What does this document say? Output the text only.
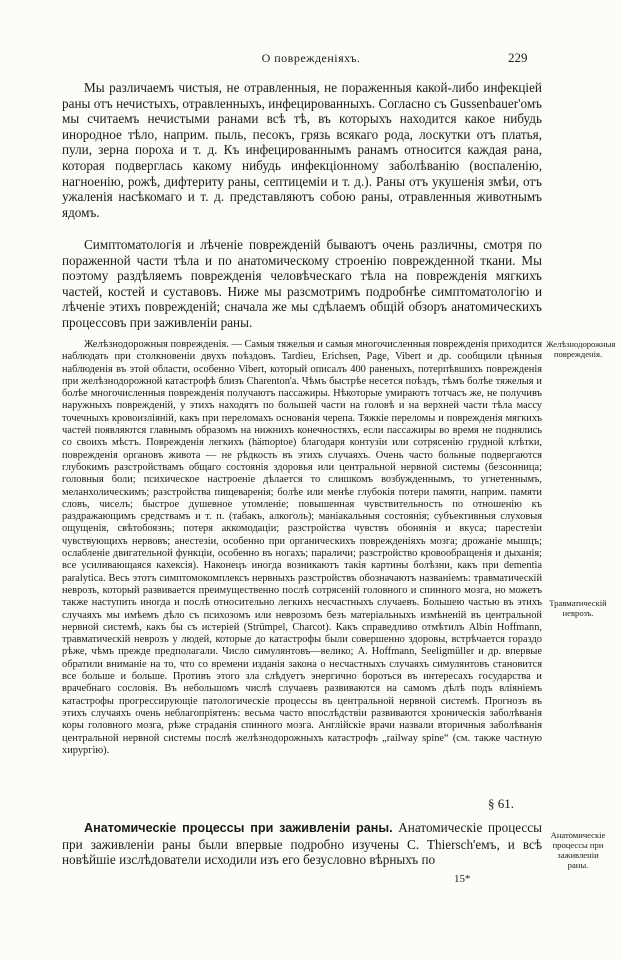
О поврежденіяхъ.	229

Мы различаемъ чистыя, не отравленныя, не пораженныя какой-либо инфекціей раны отъ нечистыхъ, отравленныхъ, инфецированныхъ. Согласно съ Gussenbauer'омъ мы считаемъ нечистыми ранами всѣ тѣ, въ которыхъ находится какое нибудь инородное тѣло, наприм. пыль, песокъ, грязь всякаго рода, лоскутки отъ платья, пули, зерна пороха и т. д. Къ инфецированнымъ ранамъ относится каждая рана, которая подверглась какому нибудь инфекціонному заболѣванію (воспаленію, нагноенію, рожѣ, дифтериту раны, септицеміи и т. д.). Раны отъ укушенія змѣи, отъ ужаленія насѣкомаго и т. д. представляютъ собою раны, отравленныя животнымъ ядомъ.

Симптоматологія и лѣченіе поврежденій бываютъ очень различны, смотря по пораженной части тѣла и по анатомическому строенію поврежденной ткани. Мы поэтому раздѣляемъ поврежденія человѣческаго тѣла на поврежденія мягкихъ частей, костей и суставовъ. Ниже мы разсмотримъ подробнѣе симптоматологію и лѣченіе этихъ поврежденій; сначала же мы сдѣлаемъ общій обзоръ анатомическихъ процессовъ при заживленіи раны.

Желѣзнодорожныя поврежденія. — Самыя тяжелыя и самыя многочисленныя поврежденія приходится наблюдать при столкновеніи двухъ поѣздовъ. Tardieu, Erichsen, Page, Vibert и др. сообщили цѣнныя наблюденія въ этой области, особенно Vibert, который описалъ 400 раненыхъ, потерпѣвшихъ поврежденія при желѣзнодорожной катастрофѣ близъ Charenton'а. Чѣмъ быстрѣе несется поѣздъ, тѣмъ болѣе тяжелыя и болѣе многочисленныя поврежденія получаютъ пассажиры. Нѣкоторые умираютъ тотчасъ же, не получивъ наружныхъ поврежденій, у этихъ находятъ по большей части на головѣ и на верхней части тѣла массу точечныхъ кровоизліяній, какъ при переломахъ основанія черепа. Тяжкіе переломы и поврежденія мягкихъ частей появляются главнымъ образомъ на нижнихъ конечностяхъ, если пассажиры во время не поднялись со своихъ мѣстъ. Поврежденія легкихъ (hämoptoe) благодаря контузіи или сотрясенію грудной клѣтки, поврежденія органовъ живота — не рѣдкость въ этихъ случаяхъ. Очень часто больные подвергаются глубокимъ разстройствамъ общаго состоянія здоровья или центральной нервной системы (безсонница; головныя боли; психическое настроеніе дѣлается то слишкомъ возбужденнымъ, то угнетеннымъ, меланхолическимъ; разстройства пищеваренія; болѣе или менѣе глубокія потери памяти, наприм. памяти словъ, чиселъ; быстрое душевное утомленіе; повышенная чувствительность по отношенію къ раздражающимъ средствамъ и т. п. (табакъ, алкоголь); маніакальныя состоянія; субъективныя слуховыя ощущенія, свѣтобоязнь; потеря аккомодаціи; разстройства чувствъ обонянія и вкуса; парестезіи чувствующихъ нервовъ; анестезіи, особенно при органическихъ поврежденіяхъ мозга; дрожаніе мышцъ; ослабленіе двигательной функціи, особенно въ ногахъ; параличи; разстройство кровообращенія и дыханія; все усиливающаяся кахексія). Наконецъ иногда возникаютъ такія картины болѣзни, какъ при dementia paralytica. Весь этотъ симптомокомплексъ нервныхъ разстройствъ обозначаютъ названіемъ: травматическій неврозъ, который развивается преимущественно послѣ сотрясеній головного и спинного мозга, но можетъ также наступить иногда и послѣ относительно легкихъ несчастныхъ случаевъ. Большею частью въ этихъ случаяхъ мы имѣемъ дѣло съ психозомъ или неврозомъ безъ матеріальныхъ измѣненій въ центральной нервной системѣ, какъ бы съ истеріей (Strümpel, Charcot). Какъ справедливо отмѣтилъ Albin Hoffmann, травматическій неврозъ у людей, которые до катастрофы были совершенно здоровы, встрѣчается гораздо рѣже, чѣмъ прежде предполагали. Число симулянтовъ—велико; A. Hoffmann, Seeligmüller и др. впервые обратили вниманіе на то, что со времени изданія закона о несчастныхъ случаяхъ симулянтовъ становится все больше и больше. Противъ этого зла слѣдуетъ энергично бороться въ интересахъ государства и врачебнаго сословія. Въ небольшомъ числѣ случаевъ развиваются на самомъ дѣлѣ подъ вліяніемъ катастрофы прогрессирующіе патологическіе процессы въ центральной нервной системѣ. Прогнозъ въ этихъ случаяхъ очень неблагопріятенъ: весьма часто впослѣдствіи развиваются хроническія заболѣванія коры головного мозга, рѣже страданія спинного мозга. Англійскіе врачи назвали вторичныя заболѣванія центральной нервной системы послѣ желѣзнодорожныхъ катастрофъ „railway spine“ (см. также частную хирургію).

Желѣзнодорожныя поврежденія.
Травматическій неврозъ.
§ 61.

Анатомическіе процессы при заживленіи раны. Анатомическіе процессы при заживленіи раны были впервые подробно изучены C. Thiersch'емъ, и всѣ новѣйшіе изслѣдователи исходили изъ его безусловно вѣрныхъ по

Анатомическіе процессы при заживленіи раны.
15*
